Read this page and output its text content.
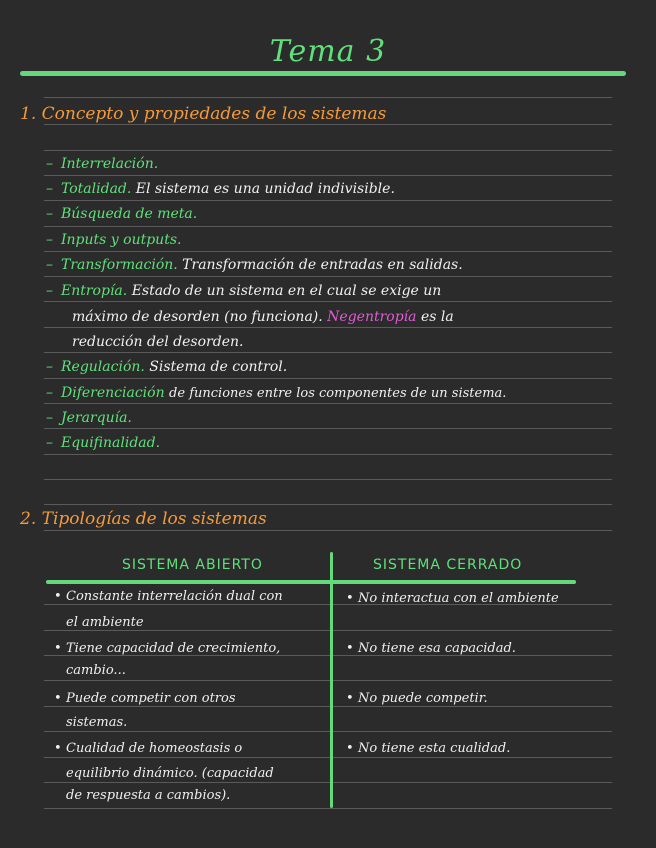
Tema 3
1. Concepto y propiedades de los sistemas
– Interrelación.
– Totalidad. El sistema es una unidad indivisible.
– Búsqueda de meta.
– Inputs y outputs.
– Transformación. Transformación de entradas en salidas.
– Entropía. Estado de un sistema en el cual se exige un
máximo de desorden (no funciona). Negentropía es la
reducción del desorden.
– Regulación. Sistema de control.
– Diferenciación de funciones entre los componentes de un sistema.
– Jerarquía.
– Equifinalidad.
2. Tipologías de los sistemas
SISTEMA ABIERTO	SISTEMA CERRADO
• Constante interrelación dual con
el ambiente
• Tiene capacidad de crecimiento,
cambio...
• Puede competir con otros
sistemas.
• Cualidad de homeostasis o
equilibrio dinámico. (capacidad
de respuesta a cambios).
• No interactua con el ambiente
• No tiene esa capacidad.
• No puede competir.
• No tiene esta cualidad.
